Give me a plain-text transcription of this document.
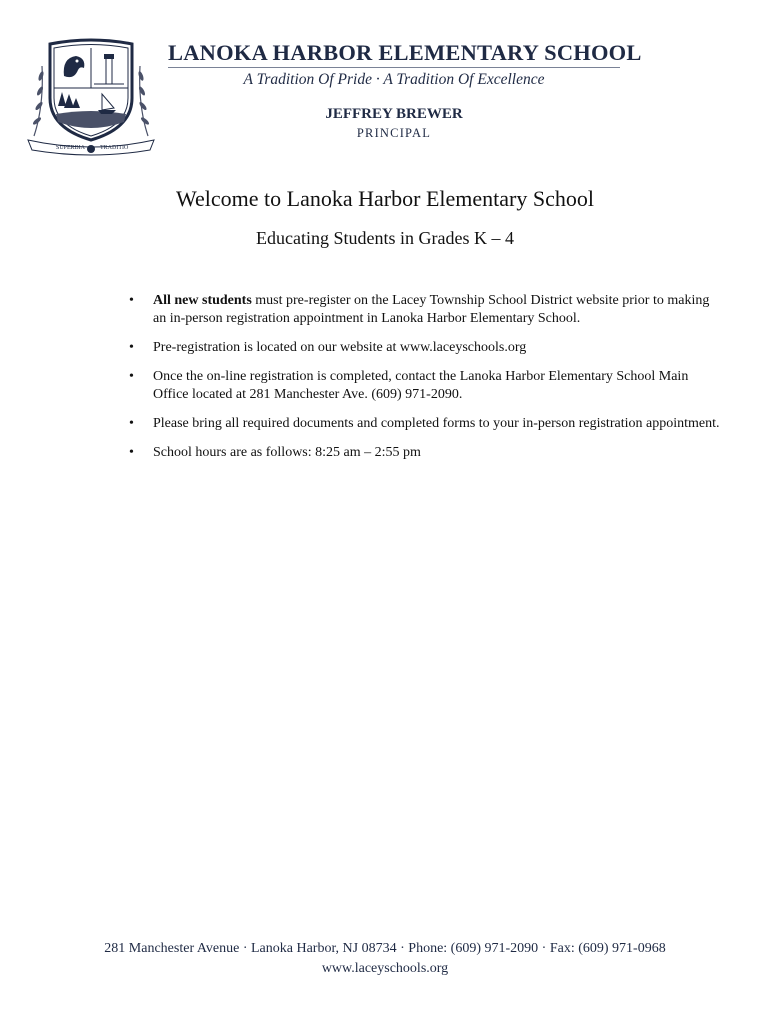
SUPERBIA TRADITIO
LANOKA HARBOR ELEMENTARY SCHOOL
A Tradition Of Pride · A Tradition Of Excellence
JEFFREY BREWER
PRINCIPAL
Welcome to Lanoka Harbor Elementary School
Educating Students in Grades K – 4
• All new students must pre-register on the Lacey Township School District website prior to making an in-person registration appointment in Lanoka Harbor Elementary School.
• Pre-registration is located on our website at www.laceyschools.org
• Once the on-line registration is completed, contact the Lanoka Harbor Elementary School Main Office located at 281 Manchester Ave. (609) 971-2090.
• Please bring all required documents and completed forms to your in-person registration appointment.
• School hours are as follows: 8:25 am – 2:55 pm
281 Manchester Avenue · Lanoka Harbor, NJ 08734 · Phone: (609) 971-2090 · Fax: (609) 971-0968
www.laceyschools.org
